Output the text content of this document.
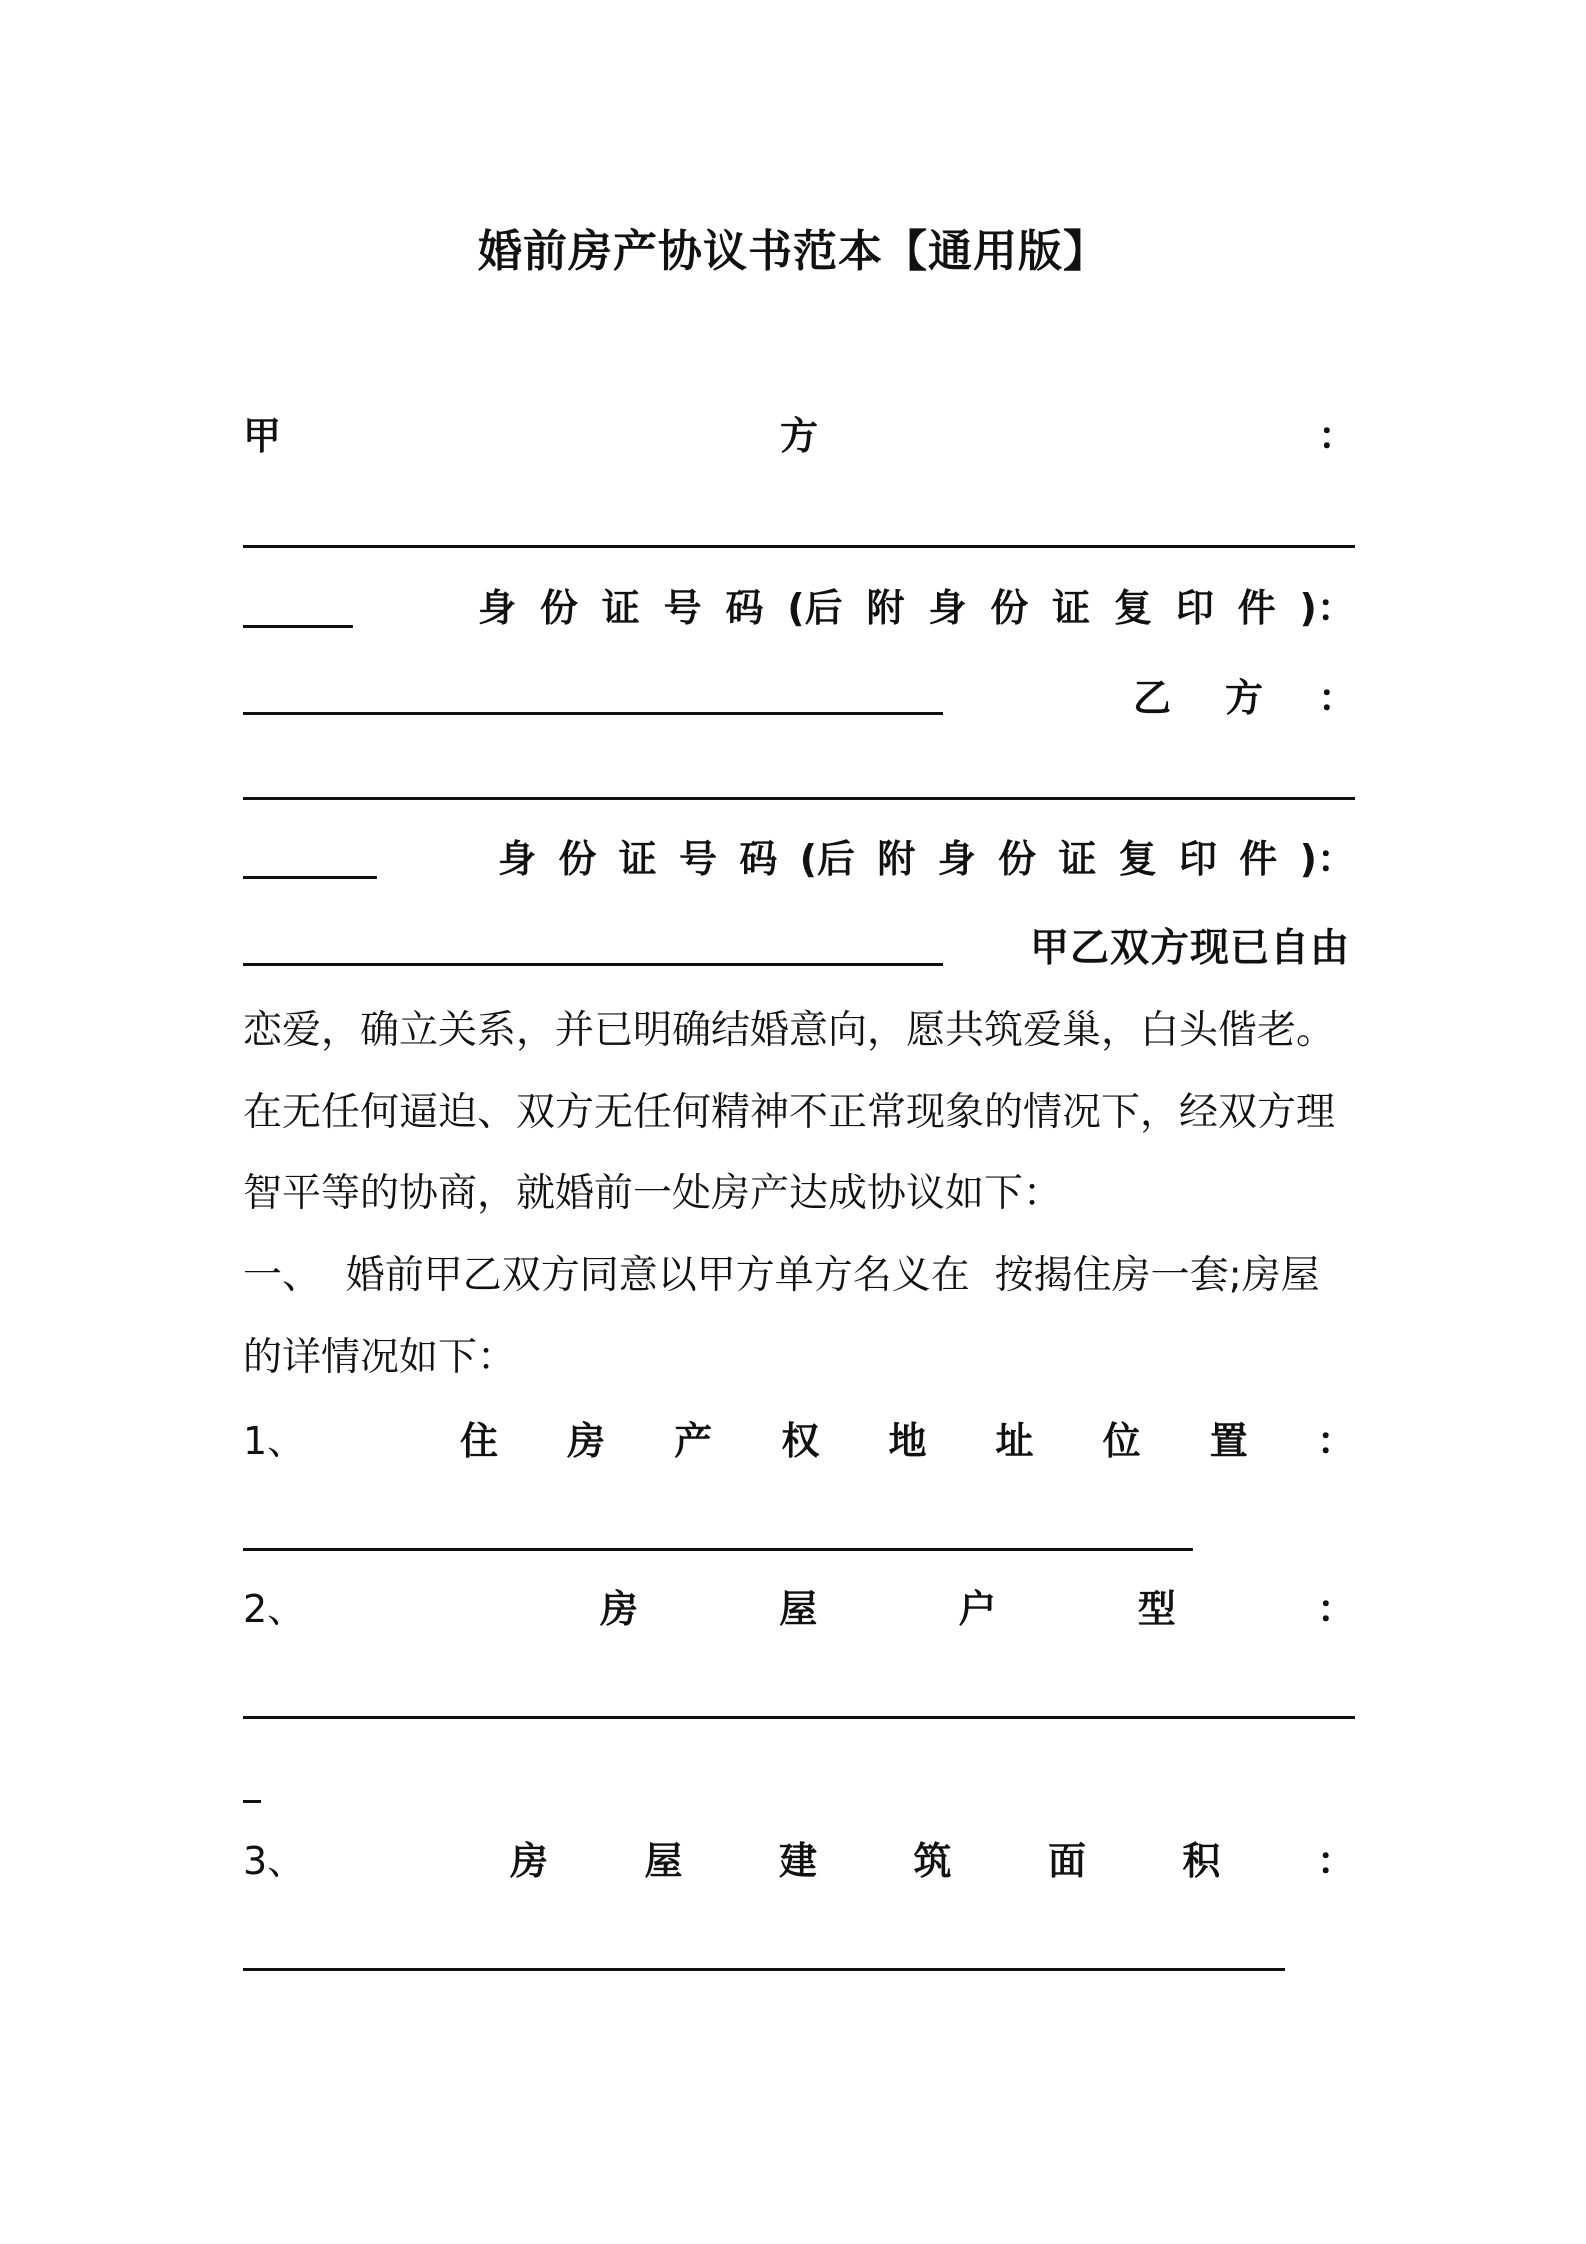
婚前房产协议书范本【通用版】
甲	方	：
身 份 证 号 码 (后 附 身 份 证 复 印 件 )：
乙 方 ：
身 份 证 号 码 (后 附 身 份 证 复 印 件 )：
甲乙双方现已自由
恋爱，确立关系，并已明确结婚意向，愿共筑爱巢，白头偕老。
在无任何逼迫、双方无任何精神不正常现象的情况下，经双方理
智平等的协商，就婚前一处房产达成协议如下：
一、  婚前甲乙双方同意以甲方单方名义在  按揭住房一套;房屋
的详情况如下：
1、	住 房 产 权 地 址 位 置 ：
2、	房	屋	户	型	：
3、	房	屋	建	筑	面	积	：
